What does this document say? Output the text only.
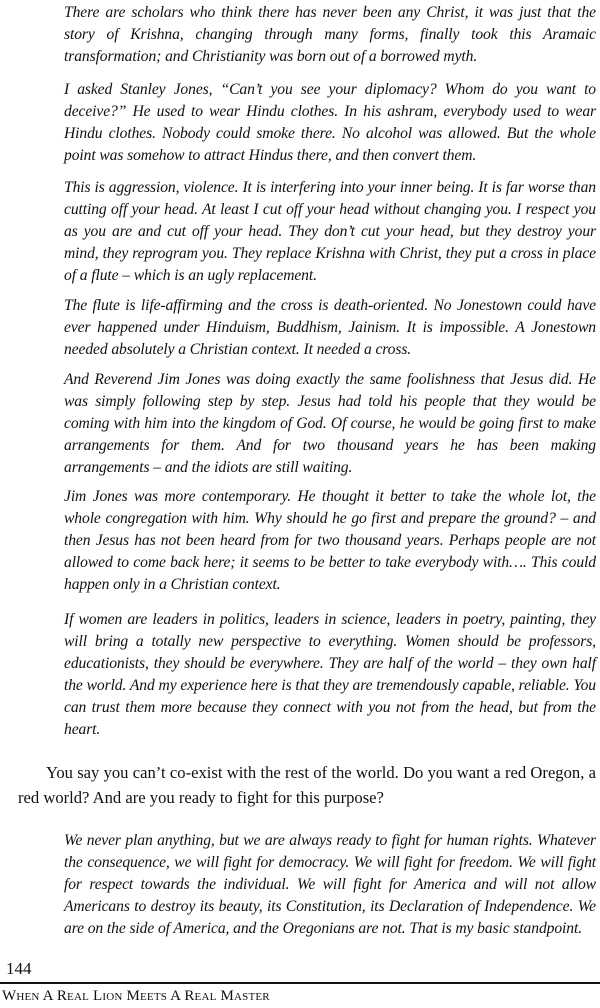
There are scholars who think there has never been any Christ, it was just that the story of Krishna, changing through many forms, finally took this Aramaic transformation; and Christianity was born out of a borrowed myth.

I asked Stanley Jones, “Can’t you see your diplomacy? Whom do you want to deceive?” He used to wear Hindu clothes. In his ashram, everybody used to wear Hindu clothes. Nobody could smoke there. No alcohol was allowed. But the whole point was somehow to attract Hindus there, and then convert them.

This is aggression, violence. It is interfering into your inner being. It is far worse than cutting off your head. At least I cut off your head without changing you. I respect you as you are and cut off your head. They don’t cut your head, but they destroy your mind, they reprogram you. They replace Krishna with Christ, they put a cross in place of a flute – which is an ugly replacement.

The flute is life-affirming and the cross is death-oriented. No Jonestown could have ever happened under Hinduism, Buddhism, Jainism. It is impossible. A Jonestown needed absolutely a Christian context. It needed a cross.

And Reverend Jim Jones was doing exactly the same foolishness that Jesus did. He was simply following step by step. Jesus had told his people that they would be coming with him into the kingdom of God. Of course, he would be going first to make arrangements for them. And for two thousand years he has been making arrangements – and the idiots are still waiting.

Jim Jones was more contemporary. He thought it better to take the whole lot, the whole congregation with him. Why should he go first and prepare the ground? – and then Jesus has not been heard from for two thousand years. Perhaps people are not allowed to come back here; it seems to be better to take everybody with…. This could happen only in a Christian context.

If women are leaders in politics, leaders in science, leaders in poetry, painting, they will bring a totally new perspective to everything. Women should be professors, educationists, they should be everywhere. They are half of the world – they own half the world. And my experience here is that they are tremendously capable, reliable. You can trust them more because they connect with you not from the head, but from the heart.

You say you can’t co-exist with the rest of the world. Do you want a red Oregon, a red world? And are you ready to fight for this purpose?

We never plan anything, but we are always ready to fight for human rights. Whatever the consequence, we will fight for democracy. We will fight for freedom. We will fight for respect towards the individual. We will fight for America and will not allow Americans to destroy its beauty, its Constitution, its Declaration of Independence. We are on the side of America, and the Oregonians are not. That is my basic standpoint.

144

When A Real Lion Meets A Real Master
